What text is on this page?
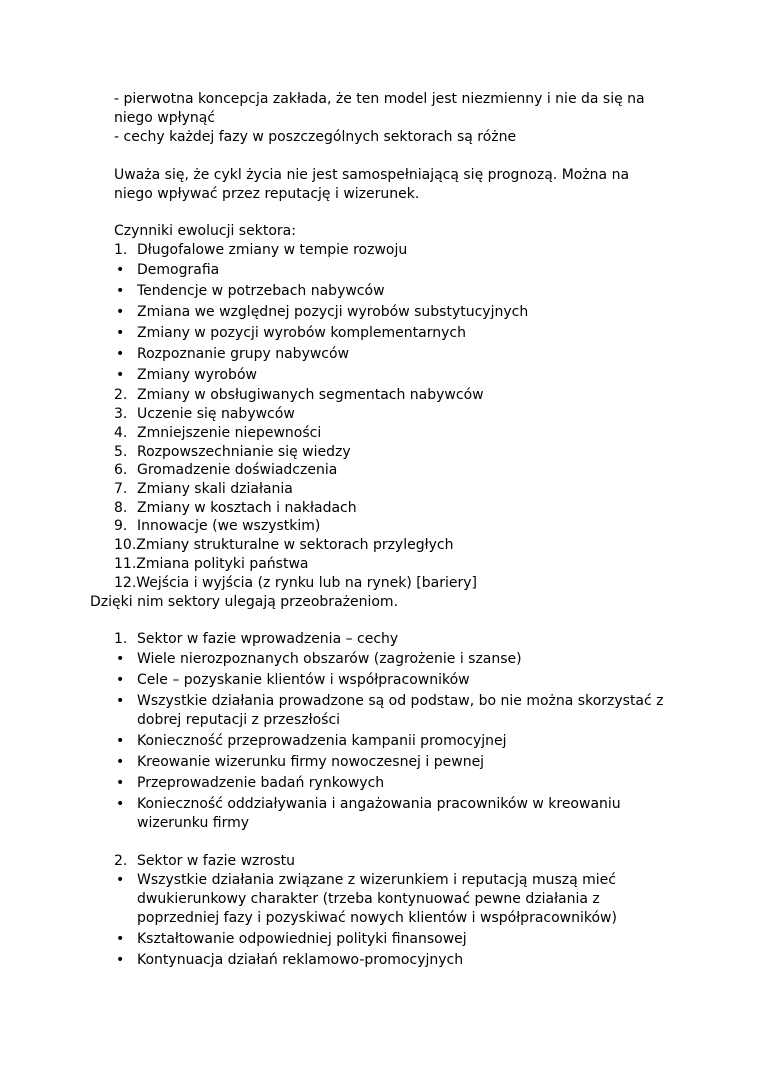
- pierwotna koncepcja zakłada, że ten model jest niezmienny i nie da się na
niego wpłynąć
- cechy każdej fazy w poszczególnych sektorach są różne
Uważa się, że cykl życia nie jest samospełniającą się prognozą. Można na
niego wpływać przez reputację i wizerunek.
Czynniki ewolucji sektora:
1. Długofalowe zmiany w tempie rozwoju
• Demografia
• Tendencje w potrzebach nabywców
• Zmiana we względnej pozycji wyrobów substytucyjnych
• Zmiany w pozycji wyrobów komplementarnych
• Rozpoznanie grupy nabywców
• Zmiany wyrobów
2. Zmiany w obsługiwanych segmentach nabywców
3. Uczenie się nabywców
4. Zmniejszenie niepewności
5. Rozpowszechnianie się wiedzy
6. Gromadzenie doświadczenia
7. Zmiany skali działania
8. Zmiany w kosztach i nakładach
9. Innowacje (we wszystkim)
10.Zmiany strukturalne w sektorach przyległych
11.Zmiana polityki państwa
12.Wejścia i wyjścia (z rynku lub na rynek) [bariery]
Dzięki nim sektory ulegają przeobrażeniom.
1. Sektor w fazie wprowadzenia – cechy
• Wiele nierozpoznanych obszarów (zagrożenie i szanse)
• Cele – pozyskanie klientów i współpracowników
• Wszystkie działania prowadzone są od podstaw, bo nie można skorzystać z
dobrej reputacji z przeszłości
• Konieczność przeprowadzenia kampanii promocyjnej
• Kreowanie wizerunku firmy nowoczesnej i pewnej
• Przeprowadzenie badań rynkowych
• Konieczność oddziaływania i angażowania pracowników w kreowaniu
wizerunku firmy
2. Sektor w fazie wzrostu
• Wszystkie działania związane z wizerunkiem i reputacją muszą mieć
dwukierunkowy charakter (trzeba kontynuować pewne działania z
poprzedniej fazy i pozyskiwać nowych klientów i współpracowników)
• Kształtowanie odpowiedniej polityki finansowej
• Kontynuacja działań reklamowo-promocyjnych
